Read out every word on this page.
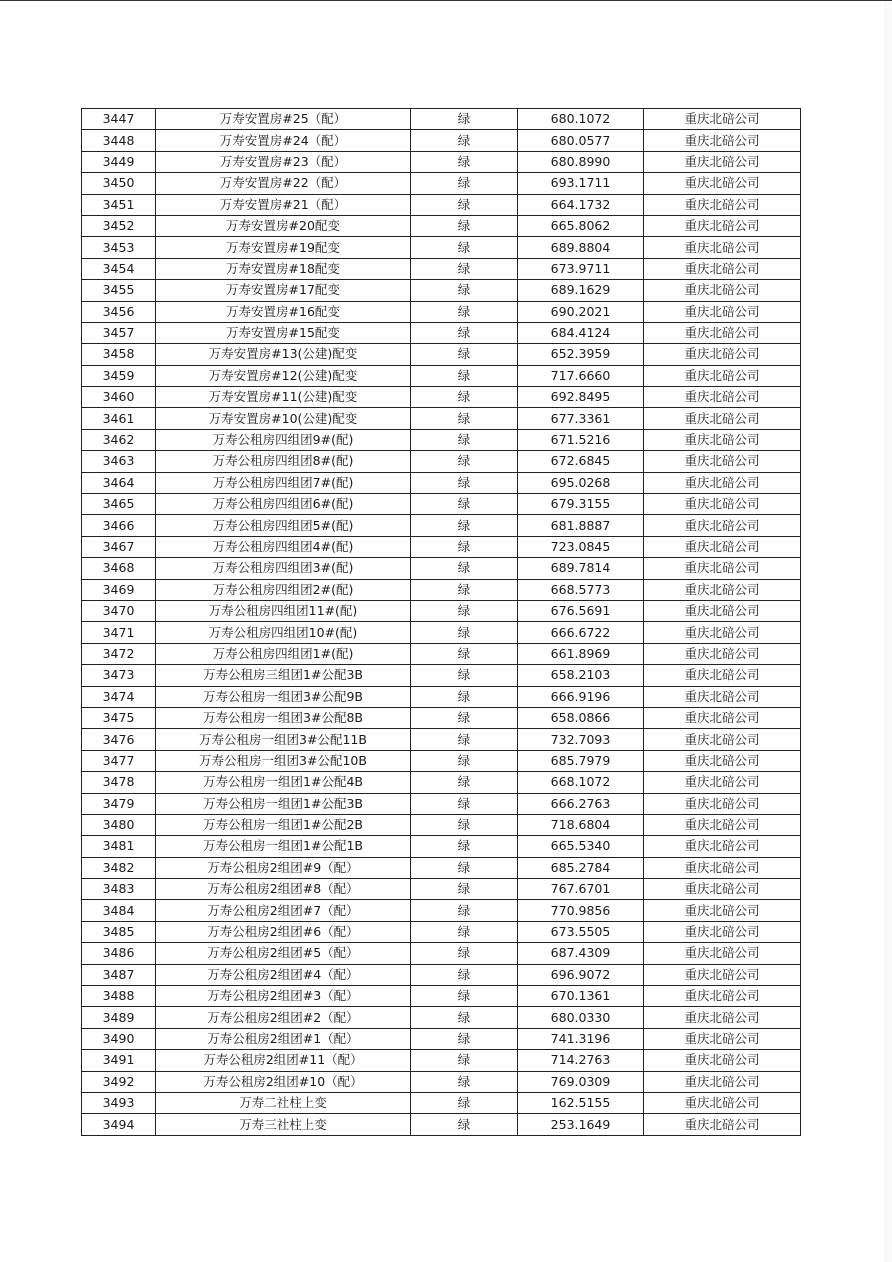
3447	万寿安置房#25（配）	绿	680.1072	重庆北碚公司
3448	万寿安置房#24（配）	绿	680.0577	重庆北碚公司
3449	万寿安置房#23（配）	绿	680.8990	重庆北碚公司
3450	万寿安置房#22（配）	绿	693.1711	重庆北碚公司
3451	万寿安置房#21（配）	绿	664.1732	重庆北碚公司
3452	万寿安置房#20配变	绿	665.8062	重庆北碚公司
3453	万寿安置房#19配变	绿	689.8804	重庆北碚公司
3454	万寿安置房#18配变	绿	673.9711	重庆北碚公司
3455	万寿安置房#17配变	绿	689.1629	重庆北碚公司
3456	万寿安置房#16配变	绿	690.2021	重庆北碚公司
3457	万寿安置房#15配变	绿	684.4124	重庆北碚公司
3458	万寿安置房#13(公建)配变	绿	652.3959	重庆北碚公司
3459	万寿安置房#12(公建)配变	绿	717.6660	重庆北碚公司
3460	万寿安置房#11(公建)配变	绿	692.8495	重庆北碚公司
3461	万寿安置房#10(公建)配变	绿	677.3361	重庆北碚公司
3462	万寿公租房四组团9#(配)	绿	671.5216	重庆北碚公司
3463	万寿公租房四组团8#(配)	绿	672.6845	重庆北碚公司
3464	万寿公租房四组团7#(配)	绿	695.0268	重庆北碚公司
3465	万寿公租房四组团6#(配)	绿	679.3155	重庆北碚公司
3466	万寿公租房四组团5#(配)	绿	681.8887	重庆北碚公司
3467	万寿公租房四组团4#(配)	绿	723.0845	重庆北碚公司
3468	万寿公租房四组团3#(配)	绿	689.7814	重庆北碚公司
3469	万寿公租房四组团2#(配)	绿	668.5773	重庆北碚公司
3470	万寿公租房四组团11#(配)	绿	676.5691	重庆北碚公司
3471	万寿公租房四组团10#(配)	绿	666.6722	重庆北碚公司
3472	万寿公租房四组团1#(配)	绿	661.8969	重庆北碚公司
3473	万寿公租房三组团1#公配3B	绿	658.2103	重庆北碚公司
3474	万寿公租房一组团3#公配9B	绿	666.9196	重庆北碚公司
3475	万寿公租房一组团3#公配8B	绿	658.0866	重庆北碚公司
3476	万寿公租房一组团3#公配11B	绿	732.7093	重庆北碚公司
3477	万寿公租房一组团3#公配10B	绿	685.7979	重庆北碚公司
3478	万寿公租房一组团1#公配4B	绿	668.1072	重庆北碚公司
3479	万寿公租房一组团1#公配3B	绿	666.2763	重庆北碚公司
3480	万寿公租房一组团1#公配2B	绿	718.6804	重庆北碚公司
3481	万寿公租房一组团1#公配1B	绿	665.5340	重庆北碚公司
3482	万寿公租房2组团#9（配）	绿	685.2784	重庆北碚公司
3483	万寿公租房2组团#8（配）	绿	767.6701	重庆北碚公司
3484	万寿公租房2组团#7（配）	绿	770.9856	重庆北碚公司
3485	万寿公租房2组团#6（配）	绿	673.5505	重庆北碚公司
3486	万寿公租房2组团#5（配）	绿	687.4309	重庆北碚公司
3487	万寿公租房2组团#4（配）	绿	696.9072	重庆北碚公司
3488	万寿公租房2组团#3（配）	绿	670.1361	重庆北碚公司
3489	万寿公租房2组团#2（配）	绿	680.0330	重庆北碚公司
3490	万寿公租房2组团#1（配）	绿	741.3196	重庆北碚公司
3491	万寿公租房2组团#11（配）	绿	714.2763	重庆北碚公司
3492	万寿公租房2组团#10（配）	绿	769.0309	重庆北碚公司
3493	万寿二社柱上变	绿	162.5155	重庆北碚公司
3494	万寿三社柱上变	绿	253.1649	重庆北碚公司
